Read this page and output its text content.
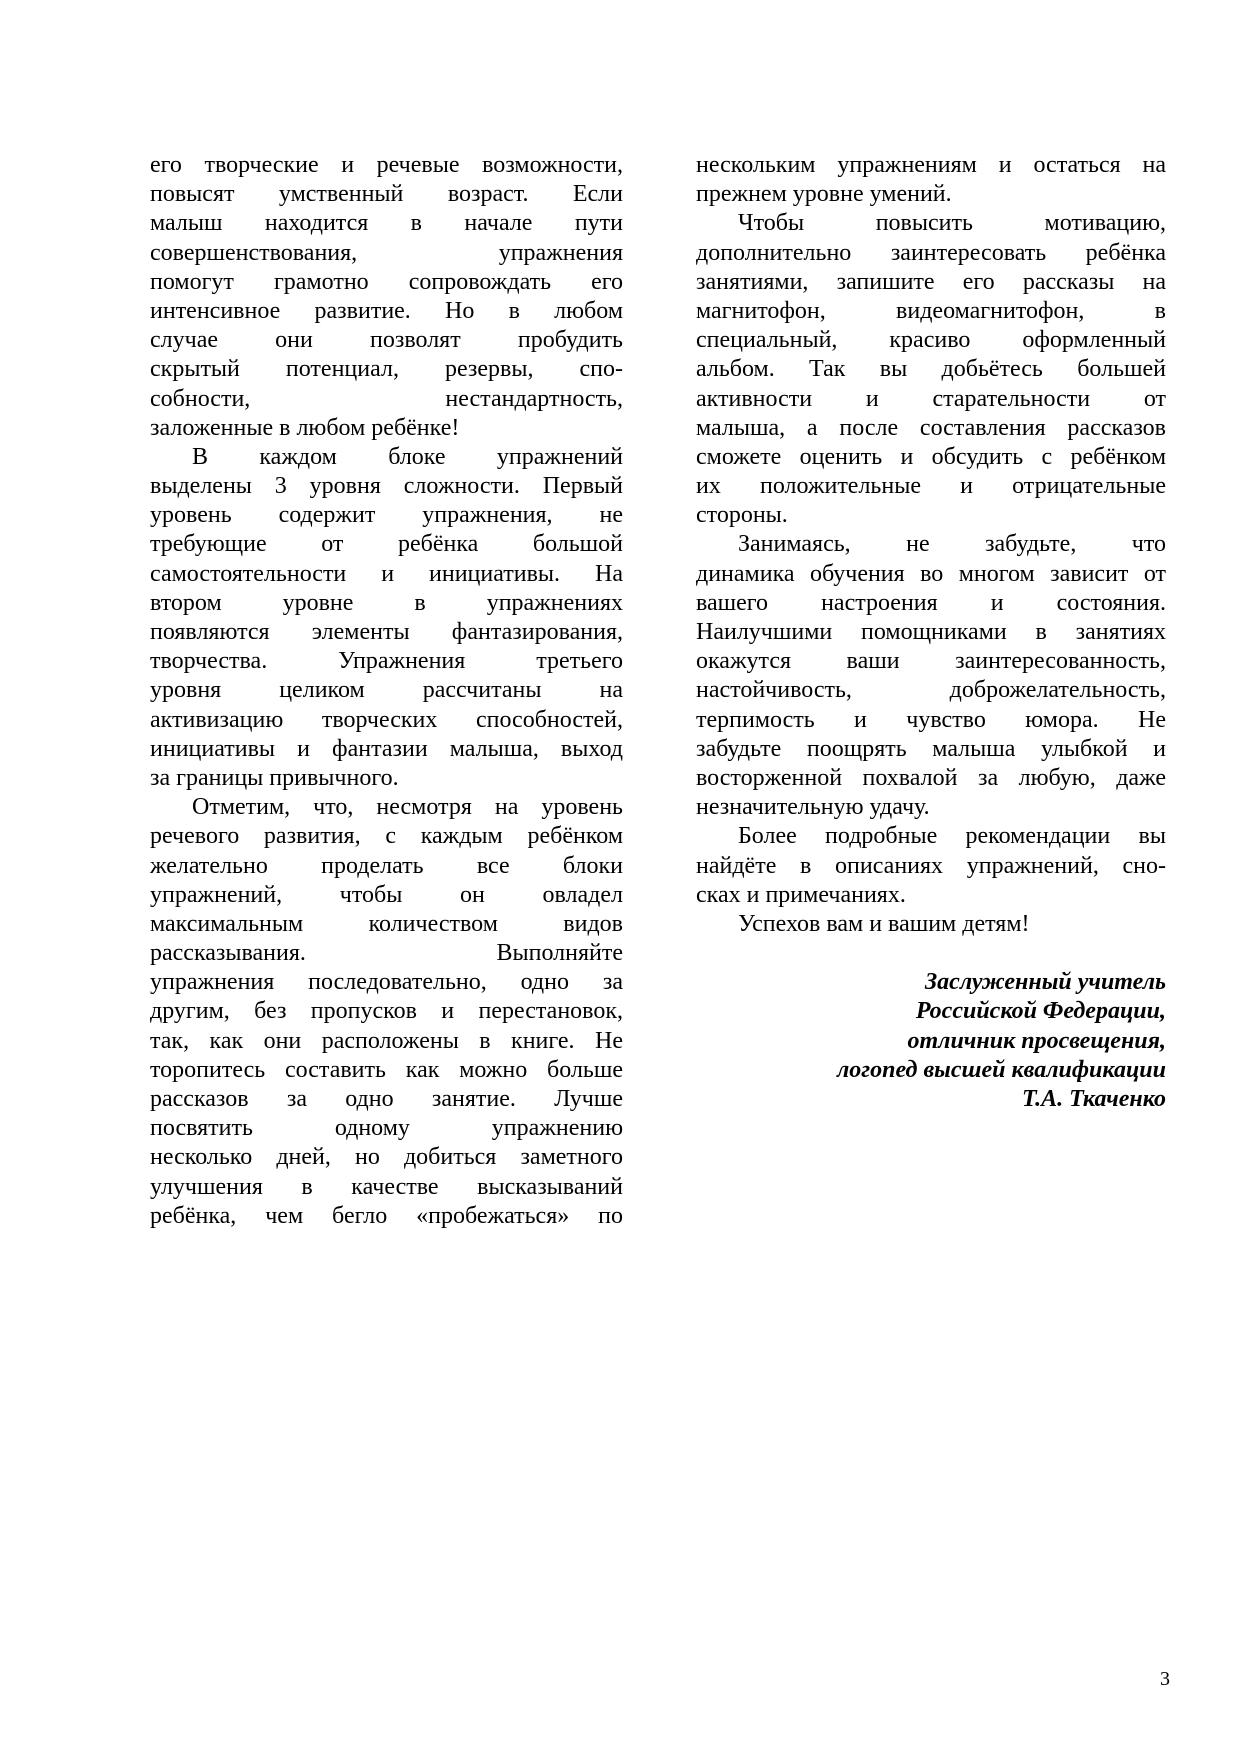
его творческие и речевые возможности,
повысят умственный возраст. Если
малыш находится в начале пути
совершенствования, упражнения
помогут грамотно сопровождать его
интенсивное развитие. Но в любом
случае они позволят пробудить
скрытый потенциал, резервы, спо-
собности, нестандартность,
заложенные в любом ребёнке!
В каждом блоке упражнений
выделены 3 уровня сложности. Первый
уровень содержит упражнения, не
требующие от ребёнка большой
самостоятельности и инициативы. На
втором уровне в упражнениях
появляются элементы фантазирования,
творчества. Упражнения третьего
уровня целиком рассчитаны на
активизацию творческих способностей,
инициативы и фантазии малыша, выход
за границы привычного.
Отметим, что, несмотря на уровень
речевого развития, с каждым ребёнком
желательно проделать все блоки
упражнений, чтобы он овладел
максимальным количеством видов
рассказывания. Выполняйте
упражнения последовательно, одно за
другим, без пропусков и перестановок,
так, как они расположены в книге. Не
торопитесь составить как можно больше
рассказов за одно занятие. Лучше
посвятить одному упражнению
несколько дней, но добиться заметного
улучшения в качестве высказываний
ребёнка, чем бегло «пробежаться» по
нескольким упражнениям и остаться на
прежнем уровне умений.
Чтобы повысить мотивацию,
дополнительно заинтересовать ребёнка
занятиями, запишите его рассказы на
магнитофон, видеомагнитофон, в
специальный, красиво оформленный
альбом. Так вы добьётесь большей
активности и старательности от
малыша, а после составления рассказов
сможете оценить и обсудить с ребёнком
их положительные и отрицательные
стороны.
Занимаясь, не забудьте, что
динамика обучения во многом зависит от
вашего настроения и состояния.
Наилучшими помощниками в занятиях
окажутся ваши заинтересованность,
настойчивость, доброжелательность,
терпимость и чувство юмора. Не
забудьте поощрять малыша улыбкой и
восторженной похвалой за любую, даже
незначительную удачу.
Более подробные рекомендации вы
найдёте в описаниях упражнений, сно-
сках и примечаниях.
Успехов вам и вашим детям!
Заслуженный учитель
Российской Федерации,
отличник просвещения,
логопед высшей квалификации
Т.А. Ткаченко
3
